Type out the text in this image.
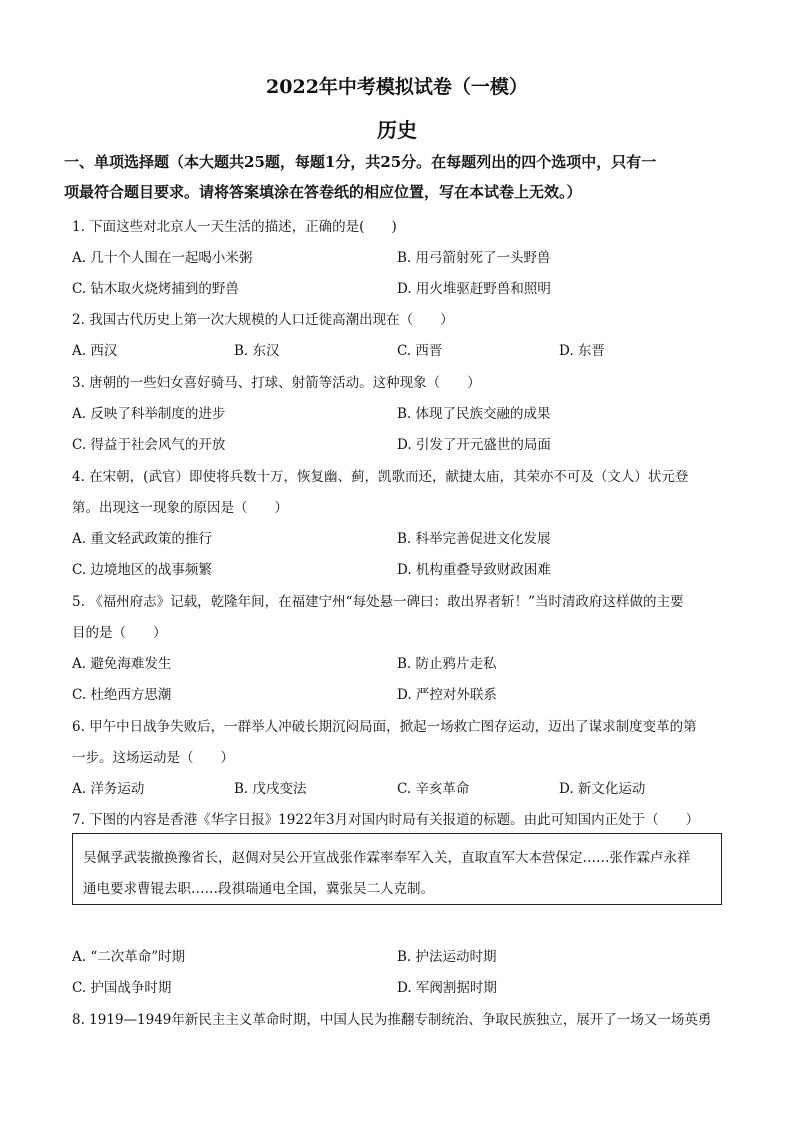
2022年中考模拟试卷（一模）
历史
一、单项选择题（本大题共25题，每题1分，共25分。在每题列出的四个选项中，只有一
项最符合题目要求。请将答案填涂在答卷纸的相应位置，写在本试卷上无效。）
1. 下面这些对北京人一天生活的描述，正确的是(　　)
A. 几十个人围在一起喝小米粥	B. 用弓箭射死了一头野兽
C. 钻木取火烧烤捕到的野兽	D. 用火堆驱赶野兽和照明
2. 我国古代历史上第一次大规模的人口迁徙高潮出现在（　　）
A. 西汉	B. 东汉	C. 西晋	D. 东晋
3. 唐朝的一些妇女喜好骑马、打球、射箭等活动。这种现象（　　）
A. 反映了科举制度的进步	B. 体现了民族交融的成果
C. 得益于社会风气的开放	D. 引发了开元盛世的局面
4. 在宋朝，(武官）即使将兵数十万，恢复幽、蓟，凯歌而还，献捷太庙，其荣亦不可及（文人）状元登
第。出现这一现象的原因是（　　）
A. 重文轻武政策的推行	B. 科举完善促进文化发展
C. 边境地区的战事频繁	D. 机构重叠导致财政困难
5. 《福州府志》记载，乾隆年间，在福建宁州“每处悬一碑曰：敢出界者斩！”当时清政府这样做的主要
目的是（　　）
A. 避免海难发生	B. 防止鸦片走私
C. 杜绝西方思潮	D. 严控对外联系
6. 甲午中日战争失败后，一群举人冲破长期沉闷局面，掀起一场救亡图存运动，迈出了谋求制度变革的第
一步。这场运动是（　　）
A. 洋务运动	B. 戊戌变法	C. 辛亥革命	D. 新文化运动
7. 下图的内容是香港《华字日报》1922年3月对国内时局有关报道的标题。由此可知国内正处于（　　）
吴佩孚武装撤换豫省长，赵倜对吴公开宣战张作霖率奉军入关，直取直军大本营保定……张作霖卢永祥
通电要求曹锟去职……段祺瑞通电全国，冀张吴二人克制。
A. “二次革命”时期	B. 护法运动时期
C. 护国战争时期	D. 军阀割据时期
8. 1919—1949年新民主主义革命时期，中国人民为推翻专制统治、争取民族独立，展开了一场又一场英勇
